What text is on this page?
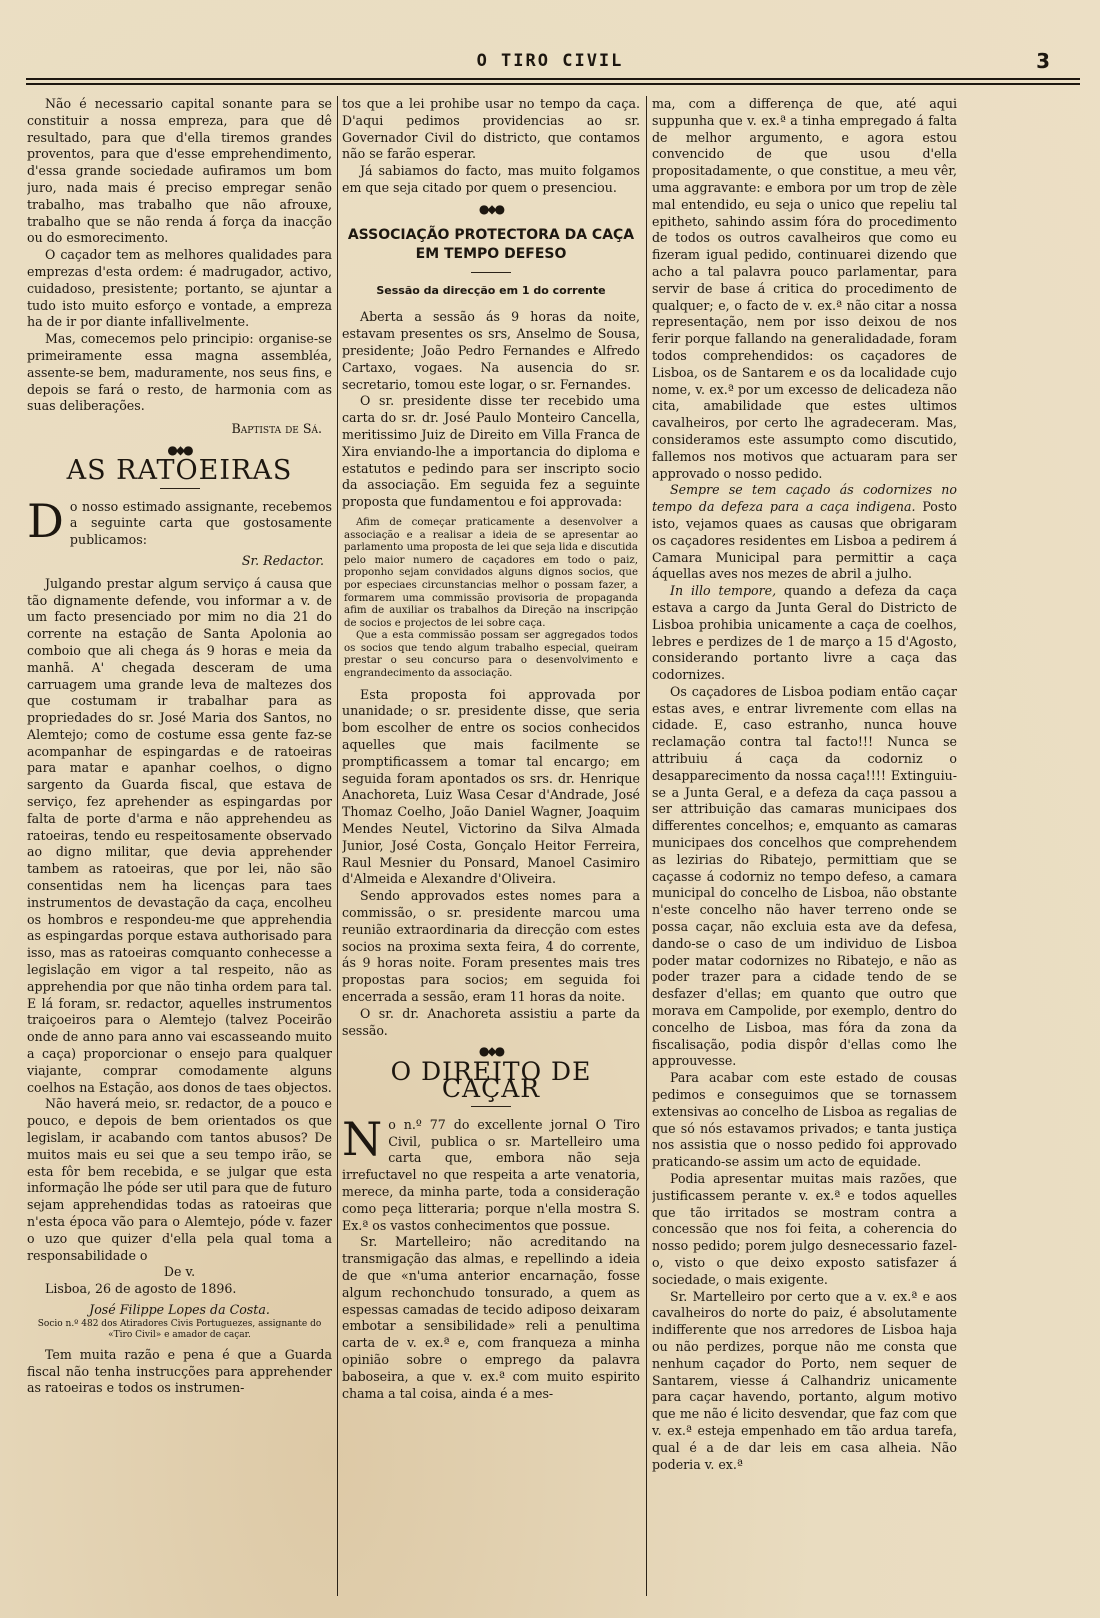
O TIRO CIVIL	3

Não é necessario capital sonante para se constituir a nossa empreza, para que dê resultado, para que d'ella tiremos grandes proventos, para que d'esse emprehendimento, d'essa grande sociedade aufiramos um bom juro, nada mais é preciso empregar senão trabalho, mas trabalho que não afrouxe, trabalho que se não renda á força da inacção ou do esmorecimento.

O caçador tem as melhores qualidades para emprezas d'esta ordem: é madrugador, activo, cuidadoso, presistente; portanto, se ajuntar a tudo isto muito esforço e vontade, a empreza ha de ir por diante infallivelmente.

Mas, comecemos pelo principio: organise-se primeiramente essa magna assembléa, assente-se bem, maduramente, nos seus fins, e depois se fará o resto, de harmonia com as suas deliberações.

Baptista de Sá.
●◆●
AS RATOEIRAS

Do nosso estimado assignante, recebemos a seguinte carta que gostosamente publicamos:

Sr. Redactor.

Julgando prestar algum serviço á causa que tão dignamente defende, vou informar a v. de um facto presenciado por mim no dia 21 do corrente na estação de Santa Apolonia ao comboio que ali chega ás 9 horas e meia da manhã. A' chegada desceram de uma carruagem uma grande leva de maltezes dos que costumam ir trabalhar para as propriedades do sr. José Maria dos Santos, no Alemtejo; como de costume essa gente faz-se acompanhar de espingardas e de ratoeiras para matar e apanhar coelhos, o digno sargento da Guarda fiscal, que estava de serviço, fez aprehender as espingardas por falta de porte d'arma e não apprehendeu as ratoeiras, tendo eu respeitosamente observado ao digno militar, que devia apprehender tambem as ratoeiras, que por lei, não são consentidas nem ha licenças para taes instrumentos de devastação da caça, encolheu os hombros e respondeu-me que apprehendia as espingardas porque estava authorisado para isso, mas as ratoeiras comquanto conhecesse a legislação em vigor a tal respeito, não as apprehendia por que não tinha ordem para tal. E lá foram, sr. redactor, aquelles instrumentos traiçoeiros para o Alemtejo (talvez Poceirão onde de anno para anno vai escasseando muito a caça) proporcionar o ensejo para qualquer viajante, comprar comodamente alguns coelhos na Estação, aos donos de taes objectos.

Não haverá meio, sr. redactor, de a pouco e pouco, e depois de bem orientados os que legislam, ir acabando com tantos abusos? De muitos mais eu sei que a seu tempo irão, se esta fôr bem recebida, e se julgar que esta informação lhe póde ser util para que de futuro sejam apprehendidas todas as ratoeiras que n'esta época vão para o Alemtejo, póde v. fazer o uzo que quizer d'ella pela qual toma a responsabilidade o

De v.

Lisboa, 26 de agosto de 1896.

José Filippe Lopes da Costa.
Socio n.º 482 dos Atiradores Civis Portuguezes, assignante do «Tiro Civil» e amador de caçar.

Tem muita razão e pena é que a Guarda fiscal não tenha instrucções para apprehender as ratoeiras e todos os instrumen-

tos que a lei prohibe usar no tempo da caça. D'aqui pedimos providencias ao sr. Governador Civil do districto, que contamos não se farão esperar.

Já sabiamos do facto, mas muito folgamos em que seja citado por quem o presenciou.

●◆●
ASSOCIAÇÃO PROTECTORA DA CAÇA
EM TEMPO DEFESO
Sessão da direcção em 1 do corrente

Aberta a sessão ás 9 horas da noite, estavam presentes os srs, Anselmo de Sousa, presidente; João Pedro Fernandes e Alfredo Cartaxo, vogaes. Na ausencia do sr. secretario, tomou este logar, o sr. Fernandes.

O sr. presidente disse ter recebido uma carta do sr. dr. José Paulo Monteiro Cancella, meritissimo Juiz de Direito em Villa Franca de Xira enviando-lhe a importancia do diploma e estatutos e pedindo para ser inscripto socio da associação. Em seguida fez a seguinte proposta que fundamentou e foi approvada:

Afim de começar praticamente a desenvolver a associação e a realisar a ideia de se apresentar ao parlamento uma proposta de lei que seja lida e discutida pelo maior numero de caçadores em todo o paiz, proponho sejam convidados alguns dignos socios, que por especiaes circunstancias melhor o possam fazer, a formarem uma commissão provisoria de propaganda afim de auxiliar os trabalhos da Direção na inscripção de socios e projectos de lei sobre caça.

Que a esta commissão possam ser aggregados todos os socios que tendo algum trabalho especial, queiram prestar o seu concurso para o desenvolvimento e engrandecimento da associação.

Esta proposta foi approvada por unanidade; o sr. presidente disse, que seria bom escolher de entre os socios conhecidos aquelles que mais facilmente se promptificassem a tomar tal encargo; em seguida foram apontados os srs. dr. Henrique Anachoreta, Luiz Wasa Cesar d'Andrade, José Thomaz Coelho, João Daniel Wagner, Joaquim Mendes Neutel, Victorino da Silva Almada Junior, José Costa, Gonçalo Heitor Ferreira, Raul Mesnier du Ponsard, Manoel Casimiro d'Almeida e Alexandre d'Oliveira.

Sendo approvados estes nomes para a commissão, o sr. presidente marcou uma reunião extraordinaria da direcção com estes socios na proxima sexta feira, 4 do corrente, ás 9 horas noite. Foram presentes mais tres propostas para socios; em seguida foi encerrada a sessão, eram 11 horas da noite.

O sr. dr. Anachoreta assistiu a parte da sessão.

●◆●
O DIREITO DE CAÇAR

No n.º 77 do excellente jornal O Tiro Civil, publica o sr. Martelleiro uma carta que, embora não seja irrefuctavel no que respeita a arte venatoria, merece, da minha parte, toda a consideração como peça litteraria; porque n'ella mostra S. Ex.ª os vastos conhecimentos que possue.

Sr. Martelleiro; não acreditando na transmigação das almas, e repellindo a ideia de que «n'uma anterior encarnação, fosse algum rechonchudo tonsurado, a quem as espessas camadas de tecido adiposo deixaram embotar a sensibilidade» reli a penultima carta de v. ex.ª e, com franqueza a minha opinião sobre o emprego da palavra baboseira, a que v. ex.ª com muito espirito chama a tal coisa, ainda é a mes-

ma, com a differença de que, até aqui suppunha que v. ex.ª a tinha empregado á falta de melhor argumento, e agora estou convencido de que usou d'ella propositadamente, o que constitue, a meu vêr, uma aggravante: e embora por um trop de zèle mal entendido, eu seja o unico que repeliu tal epitheto, sahindo assim fóra do procedimento de todos os outros cavalheiros que como eu fizeram igual pedido, continuarei dizendo que acho a tal palavra pouco parlamentar, para servir de base á critica do procedimento de qualquer; e, o facto de v. ex.ª não citar a nossa representação, nem por isso deixou de nos ferir porque fallando na generalidadade, foram todos comprehendidos: os caçadores de Lisboa, os de Santarem e os da localidade cujo nome, v. ex.ª por um excesso de delicadeza não cita, amabilidade que estes ultimos cavalheiros, por certo lhe agradeceram. Mas, consideramos este assumpto como discutido, fallemos nos motivos que actuaram para ser approvado o nosso pedido.

Sempre se tem caçado ás codornizes no tempo da defeza para a caça indigena. Posto isto, vejamos quaes as causas que obrigaram os caçadores residentes em Lisboa a pedirem á Camara Municipal para permittir a caça áquellas aves nos mezes de abril a julho.

In illo tempore, quando a defeza da caça estava a cargo da Junta Geral do Districto de Lisboa prohibia unicamente a caça de coelhos, lebres e perdizes de 1 de março a 15 d'Agosto, considerando portanto livre a caça das codornizes.

Os caçadores de Lisboa podiam então caçar estas aves, e entrar livremente com ellas na cidade. E, caso estranho, nunca houve reclamação contra tal facto!!! Nunca se attribuiu á caça da codorniz o desapparecimento da nossa caça!!!! Extinguiu-se a Junta Geral, e a defeza da caça passou a ser attribuição das camaras municipaes dos differentes concelhos; e, emquanto as camaras municipaes dos concelhos que comprehendem as lezirias do Ribatejo, permittiam que se caçasse á codorniz no tempo defeso, a camara municipal do concelho de Lisboa, não obstante n'este concelho não haver terreno onde se possa caçar, não excluia esta ave da defesa, dando-se o caso de um individuo de Lisboa poder matar codornizes no Ribatejo, e não as poder trazer para a cidade tendo de se desfazer d'ellas; em quanto que outro que morava em Campolide, por exemplo, dentro do concelho de Lisboa, mas fóra da zona da fiscalisação, podia dispôr d'ellas como lhe approuvesse.

Para acabar com este estado de cousas pedimos e conseguimos que se tornassem extensivas ao concelho de Lisboa as regalias de que só nós estavamos privados; e tanta justiça nos assistia que o nosso pedido foi approvado praticando-se assim um acto de equidade.

Podia apresentar muitas mais razões, que justificassem perante v. ex.ª e todos aquelles que tão irritados se mostram contra a concessão que nos foi feita, a coherencia do nosso pedido; porem julgo desnecessario fazel-o, visto o que deixo exposto satisfazer á sociedade, o mais exigente.

Sr. Martelleiro por certo que a v. ex.ª e aos cavalheiros do norte do paiz, é absolutamente indifferente que nos arredores de Lisboa haja ou não perdizes, porque não me consta que nenhum caçador do Porto, nem sequer de Santarem, viesse á Calhandriz unicamente para caçar havendo, portanto, algum motivo que me não é licito desvendar, que faz com que v. ex.ª esteja empenhado em tão ardua tarefa, qual é a de dar leis em casa alheia. Não poderia v. ex.ª
